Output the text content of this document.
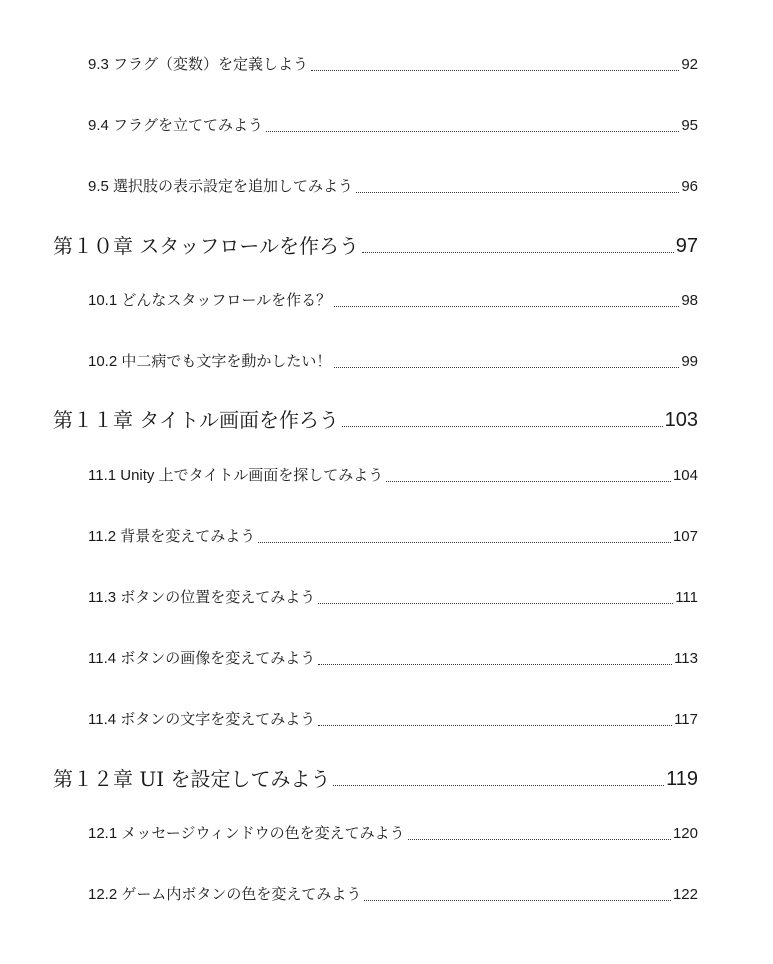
9.3 フラグ（変数）を定義しよう	92
9.4 フラグを立ててみよう	95
9.5 選択肢の表示設定を追加してみよう	96
第１０章 スタッフロールを作ろう	97
10.1 どんなスタッフロールを作る？	98
10.2 中二病でも文字を動かしたい！	99
第１１章 タイトル画面を作ろう	103
11.1 Unity 上でタイトル画面を探してみよう	104
11.2 背景を変えてみよう	107
11.3 ボタンの位置を変えてみよう	111
11.4 ボタンの画像を変えてみよう	113
11.4 ボタンの文字を変えてみよう	117
第１２章 UI を設定してみよう	119
12.1 メッセージウィンドウの色を変えてみよう	120
12.2 ゲーム内ボタンの色を変えてみよう	122
